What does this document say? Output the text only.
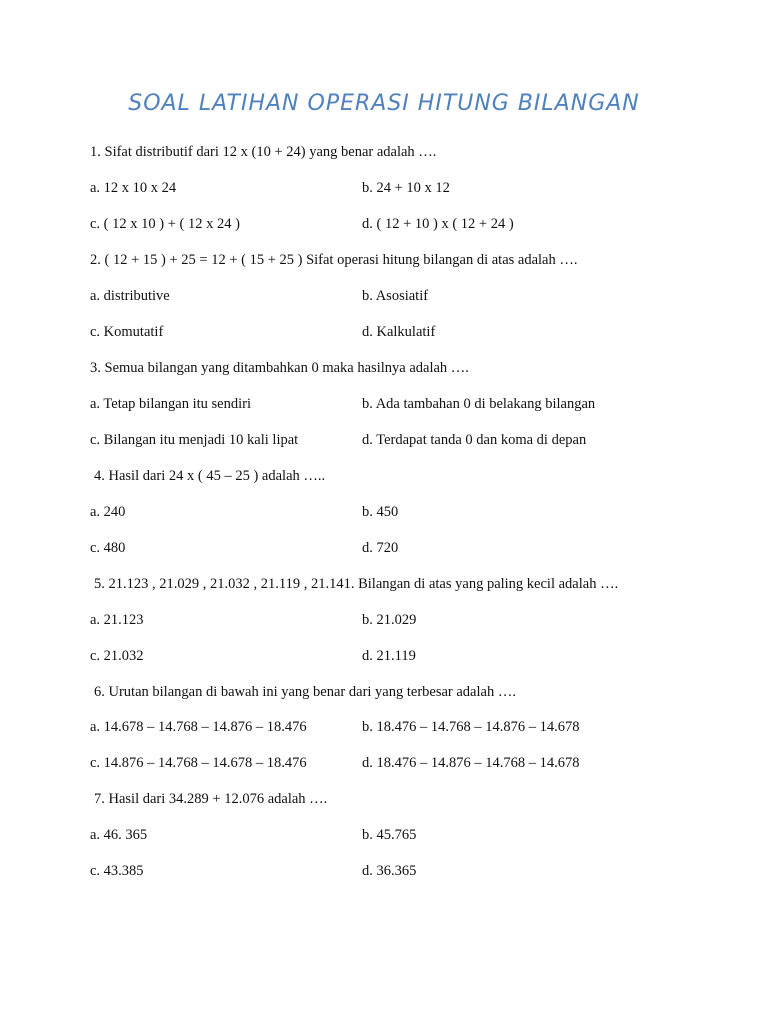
SOAL LATIHAN OPERASI HITUNG BILANGAN
1. Sifat distributif dari 12 x (10 + 24) yang benar adalah ….
a. 12 x 10 x 24	b. 24 + 10 x 12
c. ( 12 x 10 ) + ( 12 x 24 )	d. ( 12 + 10 ) x ( 12 + 24 )
2. ( 12 + 15 ) + 25 = 12 + ( 15 + 25 ) Sifat operasi hitung bilangan di atas adalah ….
a. distributive	b. Asosiatif
c. Komutatif	d. Kalkulatif
3. Semua bilangan yang ditambahkan 0 maka hasilnya adalah ….
a. Tetap bilangan itu sendiri	b. Ada tambahan 0 di belakang bilangan
c. Bilangan itu menjadi 10 kali lipat	d. Terdapat tanda 0 dan koma di depan
4. Hasil dari 24 x ( 45 – 25 ) adalah …..
a. 240	b. 450
c. 480	d. 720
5. 21.123 , 21.029 , 21.032 , 21.119 , 21.141. Bilangan di atas yang paling kecil adalah ….
a. 21.123	b. 21.029
c. 21.032	d. 21.119
6. Urutan bilangan di bawah ini yang benar dari yang terbesar adalah ….
a. 14.678 – 14.768 – 14.876 – 18.476	b. 18.476 – 14.768 – 14.876 – 14.678
c. 14.876 – 14.768 – 14.678 – 18.476	d. 18.476 – 14.876 – 14.768 – 14.678
7. Hasil dari 34.289 + 12.076 adalah ….
a. 46. 365	b. 45.765
c. 43.385	d. 36.365
